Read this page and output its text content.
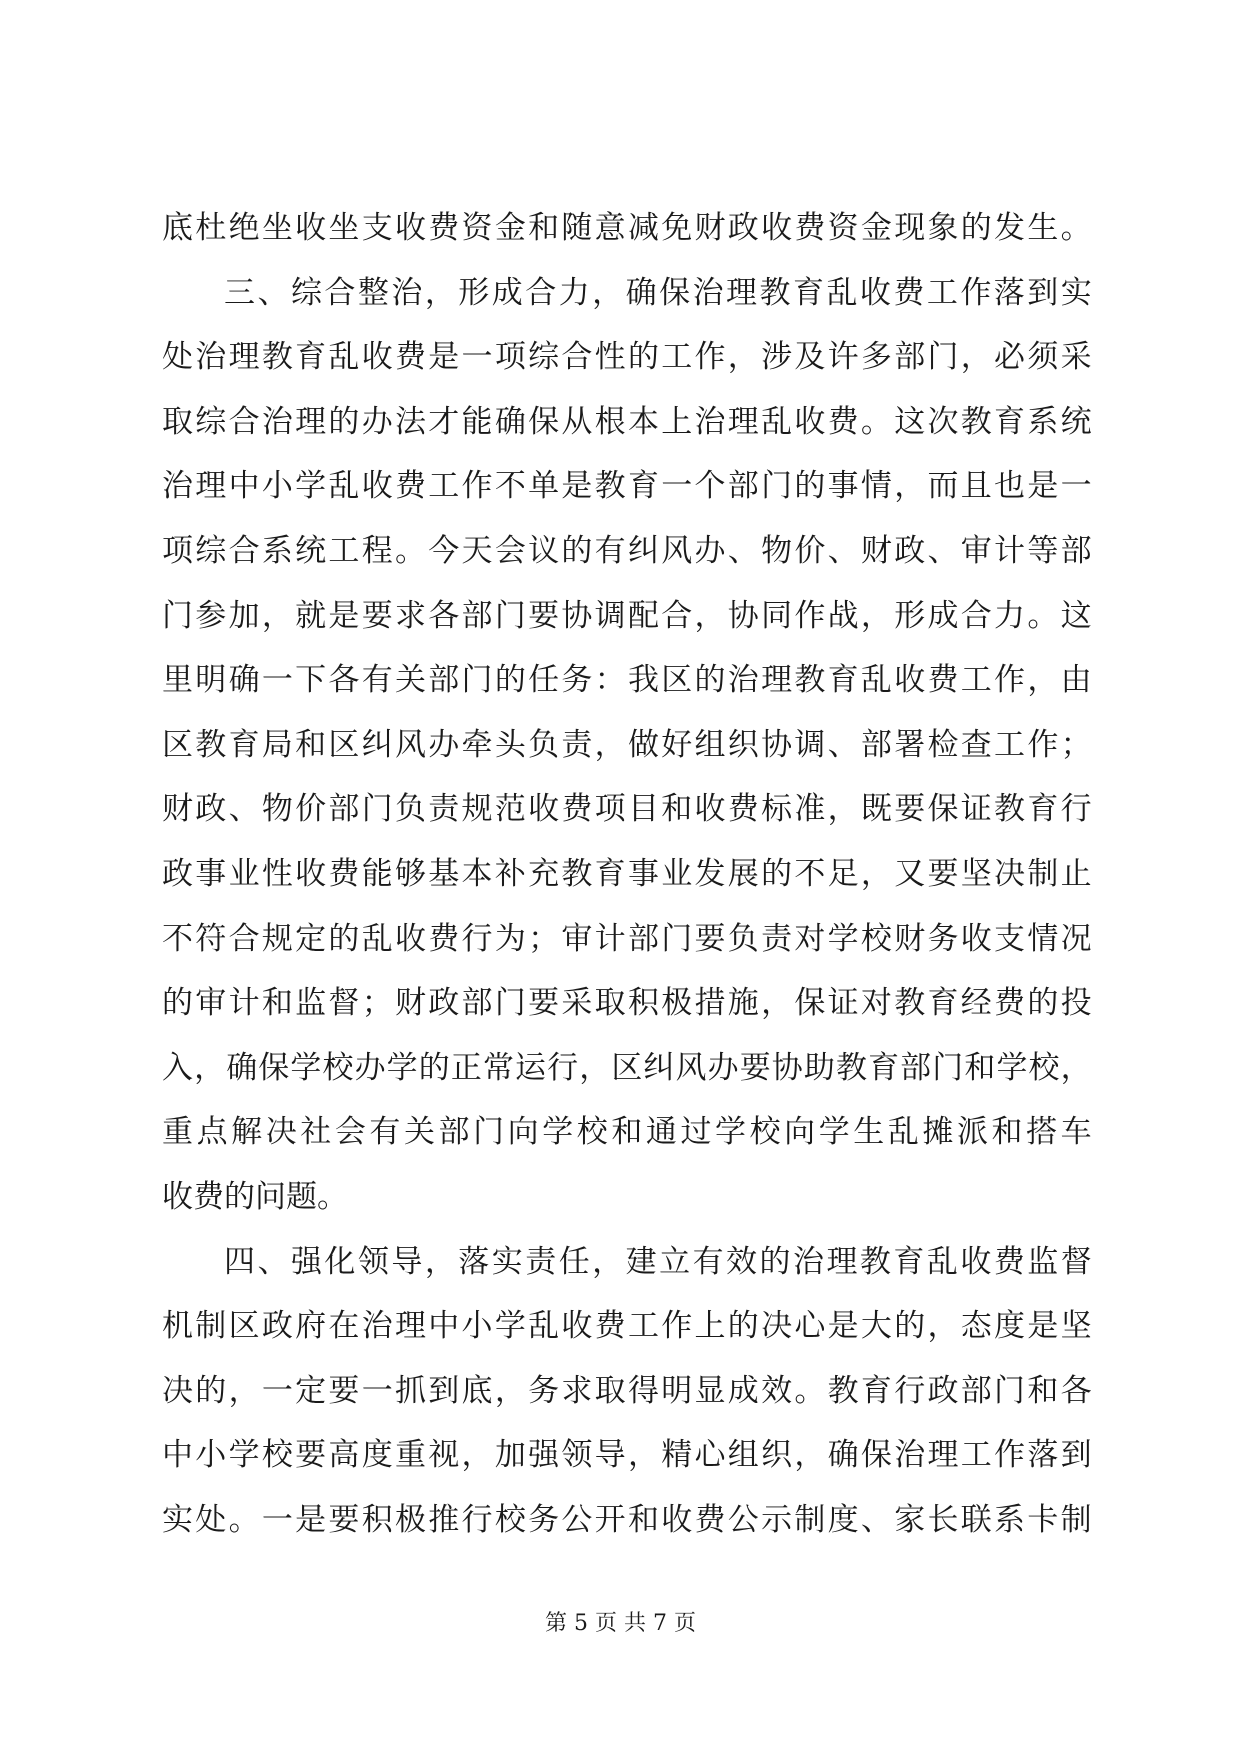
底 杜 绝 坐 收 坐 支 收 费 资 金 和 随 意 减 免 财 政 收 费 资 金 现 象 的 发 生 。
三 、 综 合 整 治 ， 形 成 合 力 ， 确 保 治 理 教 育 乱 收 费 工 作 落 到 实
处 治 理 教 育 乱 收 费 是 一 项 综 合 性 的 工 作 ， 涉 及 许 多 部 门 ， 必 须 采
取 综 合 治 理 的 办 法 才 能 确 保 从 根 本 上 治 理 乱 收 费 。 这 次 教 育 系 统
治 理 中 小 学 乱 收 费 工 作 不 单 是 教 育 一 个 部 门 的 事 情 ， 而 且 也 是 一
项 综 合 系 统 工 程 。 今 天 会 议 的 有 纠 风 办 、 物 价 、 财 政 、 审 计 等 部
门 参 加 ， 就 是 要 求 各 部 门 要 协 调 配 合 ， 协 同 作 战 ， 形 成 合 力 。 这
里 明 确 一 下 各 有 关 部 门 的 任 务 ： 我 区 的 治 理 教 育 乱 收 费 工 作 ， 由
区 教 育 局 和 区 纠 风 办 牵 头 负 责 ， 做 好 组 织 协 调 、 部 署 检 查 工 作 ；
财 政 、 物 价 部 门 负 责 规 范 收 费 项 目 和 收 费 标 准 ， 既 要 保 证 教 育 行
政 事 业 性 收 费 能 够 基 本 补 充 教 育 事 业 发 展 的 不 足 ， 又 要 坚 决 制 止
不 符 合 规 定 的 乱 收 费 行 为 ； 审 计 部 门 要 负 责 对 学 校 财 务 收 支 情 况
的 审 计 和 监 督 ； 财 政 部 门 要 采 取 积 极 措 施 ， 保 证 对 教 育 经 费 的 投
入 ， 确 保 学 校 办 学 的 正 常 运 行 ， 区 纠 风 办 要 协 助 教 育 部 门 和 学 校 ，
重 点 解 决 社 会 有 关 部 门 向 学 校 和 通 过 学 校 向 学 生 乱 摊 派 和 搭 车
收费的问题。
四 、 强 化 领 导 ， 落 实 责 任 ， 建 立 有 效 的 治 理 教 育 乱 收 费 监 督
机 制 区 政 府 在 治 理 中 小 学 乱 收 费 工 作 上 的 决 心 是 大 的 ， 态 度 是 坚
决 的 ， 一 定 要 一 抓 到 底 ， 务 求 取 得 明 显 成 效 。 教 育 行 政 部 门 和 各
中 小 学 校 要 高 度 重 视 ， 加 强 领 导 ， 精 心 组 织 ， 确 保 治 理 工 作 落 到
实 处 。 一 是 要 积 极 推 行 校 务 公 开 和 收 费 公 示 制 度 、 家 长 联 系 卡 制
第 5 页 共 7 页
